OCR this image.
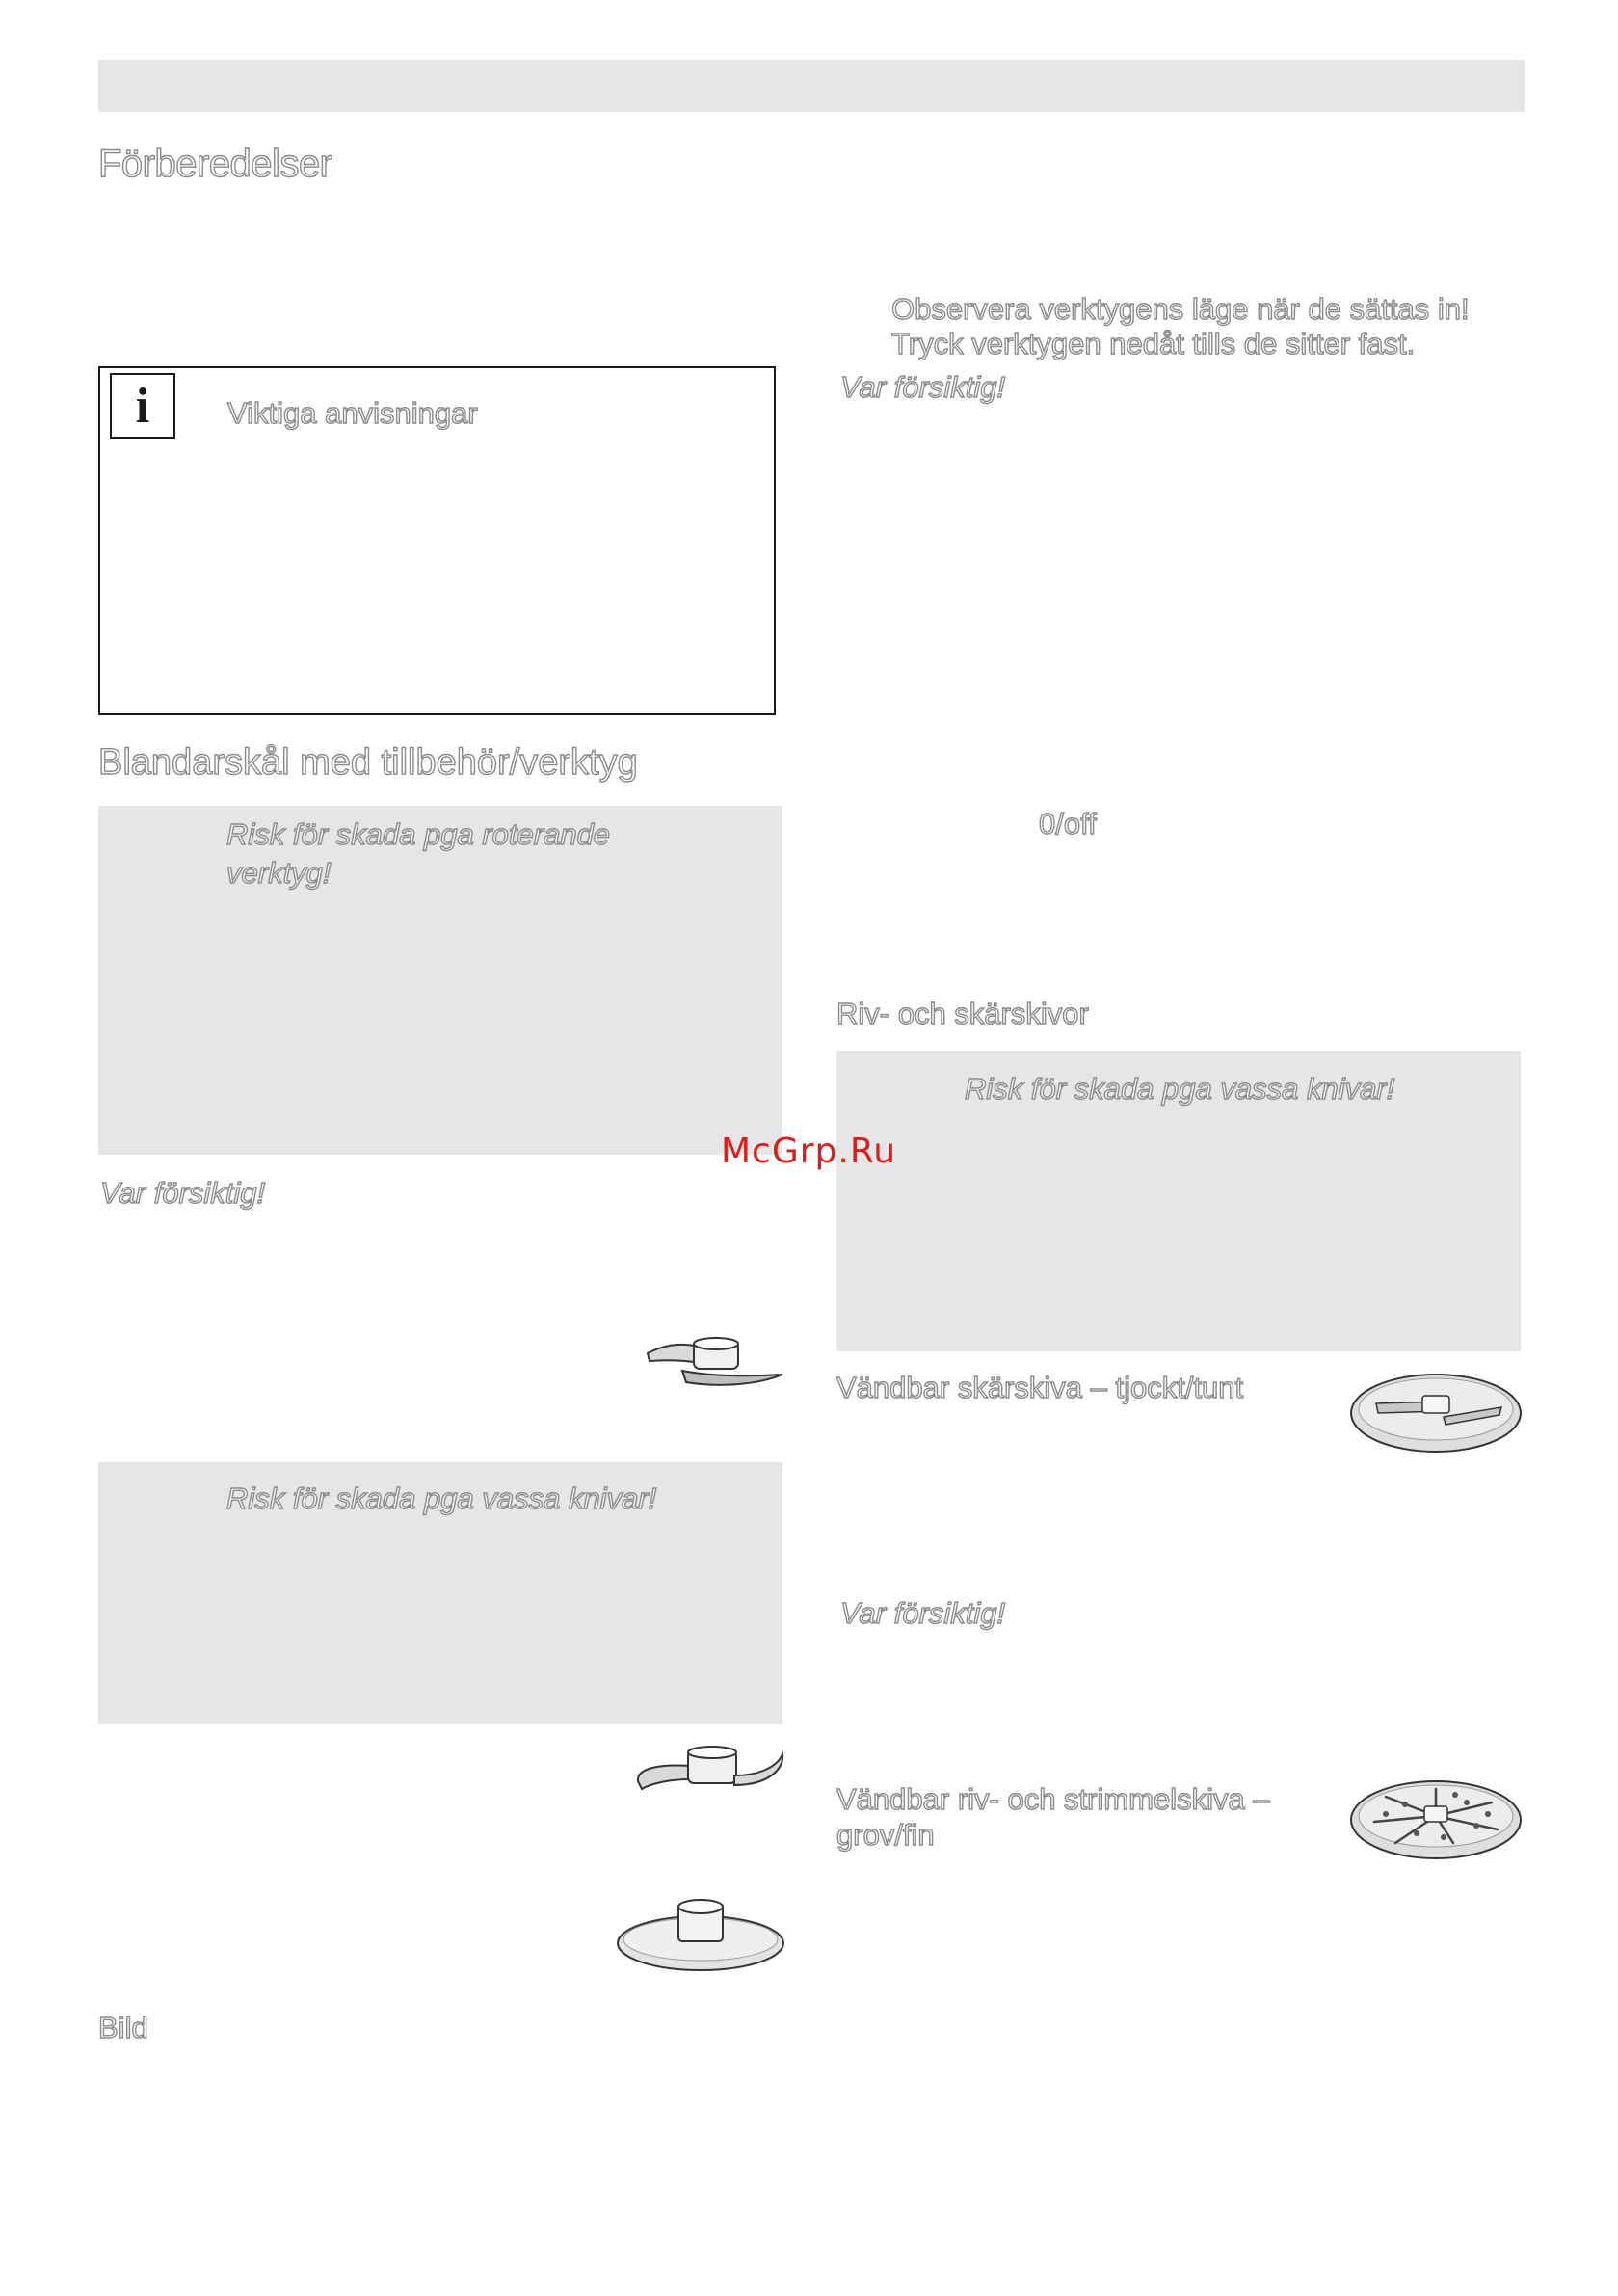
Förberedelser
i	Viktiga anvisningar
Blandarskål med tillbehör/verktyg
Risk för skada pga roterande verktyg!
Var försiktig!
Risk för skada pga vassa knivar!
Bild
Observera verktygens läge när de sättas in! Tryck verktygen nedåt tills de sitter fast.
Var försiktig!
0/off
Riv- och skärskivor
Risk för skada pga vassa knivar!
Vändbar skärskiva – tjockt/tunt
Var försiktig!
Vändbar riv- och strimmelskiva – grov/fin
McGrp.Ru
